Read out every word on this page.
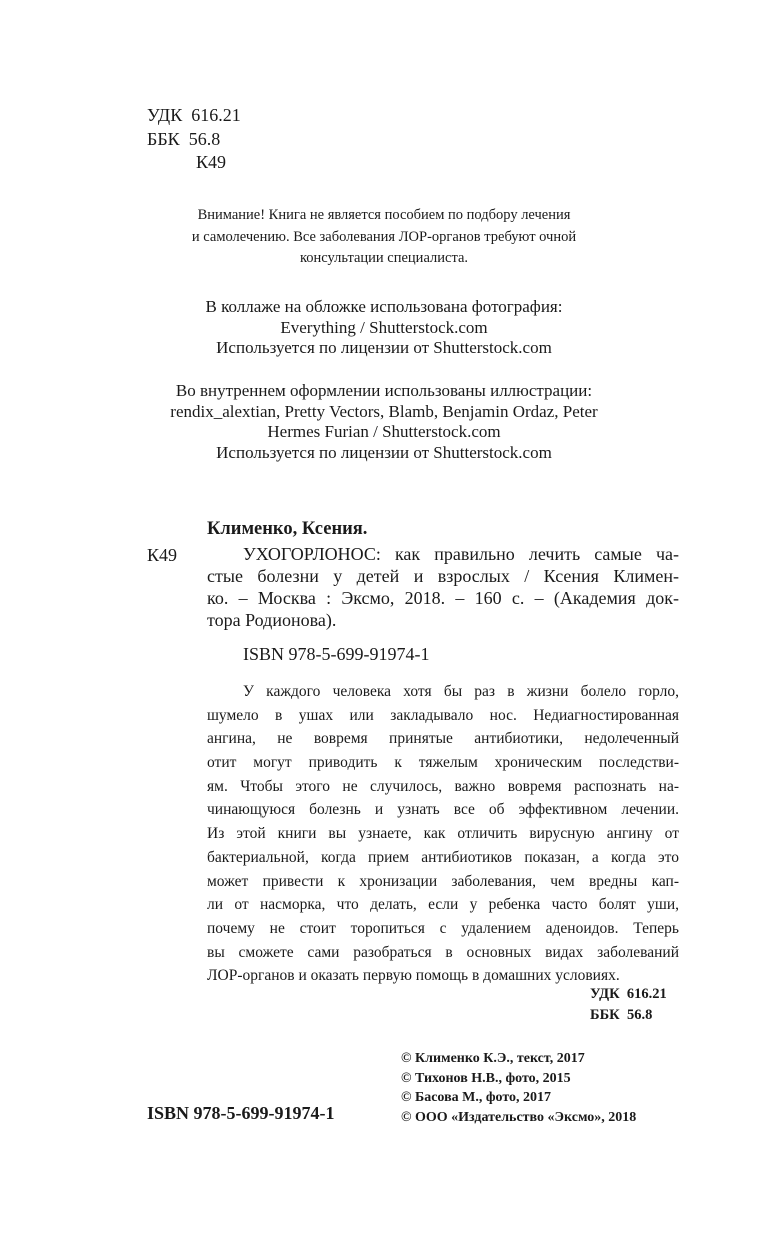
УДК 616.21
ББК 56.8
К49
Внимание! Книга не является пособием по подбору лечения
и самолечению. Все заболевания ЛОР-органов требуют очной
консультации специалиста.
В коллаже на обложке использована фотография:
Everything / Shutterstock.com
Используется по лицензии от Shutterstock.com
Во внутреннем оформлении использованы иллюстрации:
rendix_alextian, Pretty Vectors, Blamb, Benjamin Ordaz, Peter
Hermes Furian / Shutterstock.com
Используется по лицензии от Shutterstock.com
Клименко, Ксения.
К49	УХОГОРЛОНОС: как правильно лечить самые ча-
стые болезни у детей и взрослых / Ксения Климен-
ко. – Москва : Эксмо, 2018. – 160 с. – (Академия док-
тора Родионова).
ISBN 978-5-699-91974-1
У каждого человека хотя бы раз в жизни болело горло,
шумело в ушах или закладывало нос. Недиагностированная
ангина, не вовремя принятые антибиотики, недолеченный
отит могут приводить к тяжелым хроническим последстви-
ям. Чтобы этого не случилось, важно вовремя распознать на-
чинающуюся болезнь и узнать все об эффективном лечении.
Из этой книги вы узнаете, как отличить вирусную ангину от
бактериальной, когда прием антибиотиков показан, а когда это
может привести к хронизации заболевания, чем вредны кап-
ли от насморка, что делать, если у ребенка часто болят уши,
почему не стоит торопиться с удалением аденоидов. Теперь
вы сможете сами разобраться в основных видах заболеваний
ЛОР-органов и оказать первую помощь в домашних условиях.
УДК 616.21
ББК 56.8
© Клименко К.Э., текст, 2017
© Тихонов Н.В., фото, 2015
© Басова М., фото, 2017
© ООО «Издательство «Эксмо», 2018
ISBN 978-5-699-91974-1
